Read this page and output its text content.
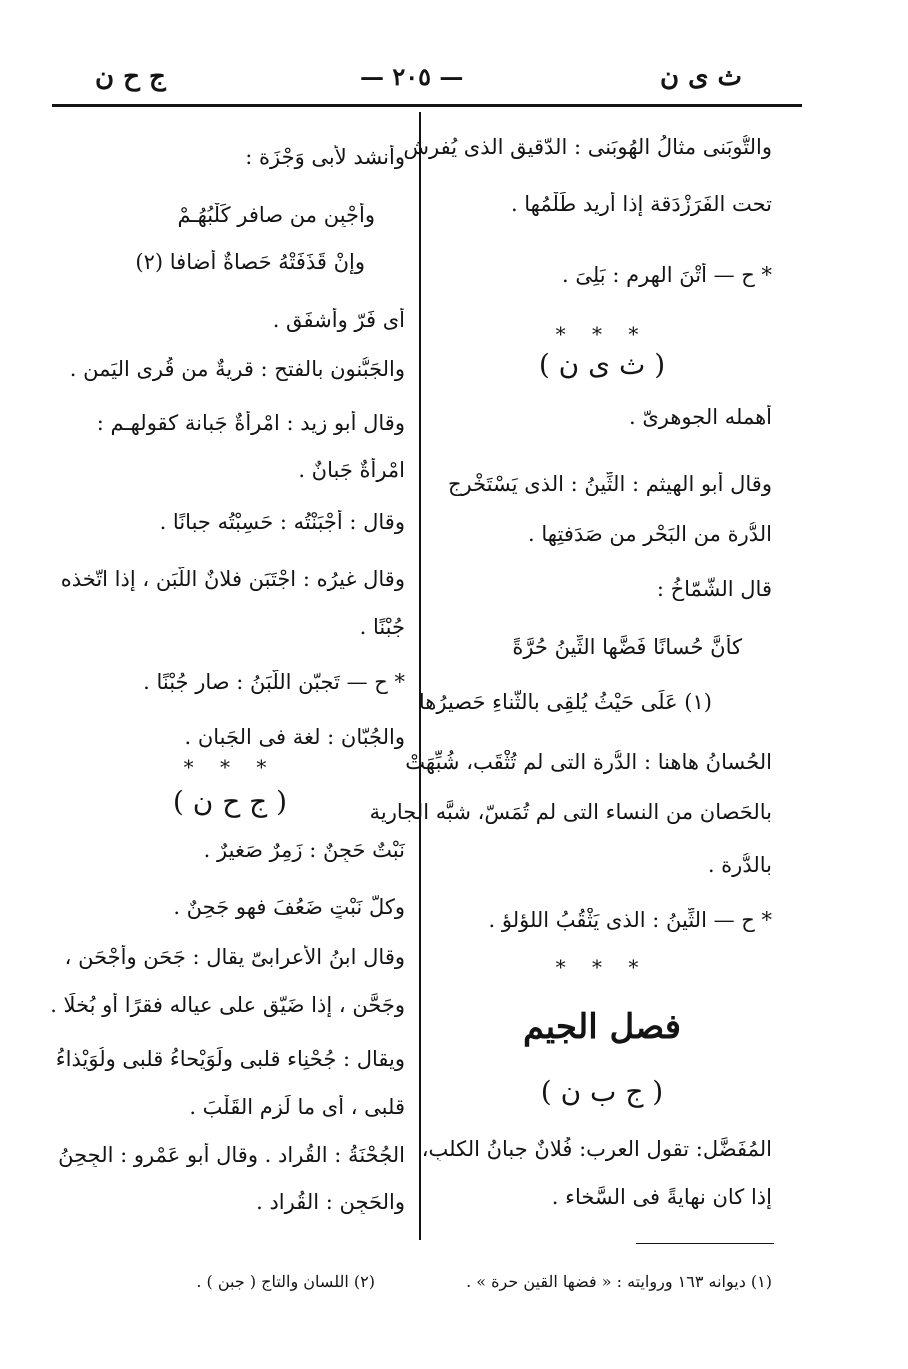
ج ح ن	— ٢٠٥ —	ث ى ن
والتُّوبَنى مثالُ الهُوبَنى : الدّقيق الذى يُفرش
تحت الفَرَزْدَقة إذا أُريد طَلْمُها .
* ح — أَتْنَ الهرم : بَلِىَ .
* * *
( ث ى ن )
أهمله الجوهرىّ .
وقال أبو الهيثم : الثِّينُ : الذى يَسْتَخْرِج
الدُّرة من البَحْر من صَدَفتِها .
قال الشَّمّاخُ :
كأنَّ حُسانًا فَضَّها الثِّينُ حُرَّةً
(١) عَلَى حَيْثُ يُلقِى بالثَّناءِ حَصيرُها
الحُسانُ هاهنا : الدُّرة التى لم تُثْقَب، شُبِّهَتْ
بالحَصان من النساء التى لم تُمَسّ، شبَّه الجارية
بالدُّرة .
* ح — الثِّينُ : الذى يَثْقُبُ اللؤلؤ .
* * *
فصل الجيم
( ج ب ن )
المُفَضَّل: تقول العرب: فُلانٌ جبانُ الكلبِ،
إذا كان نهايةً فى السَّخاء .
وأنشد لأبى وَجْزَة :
وأَجْبِن من صافرٍ كَلْبُهُـمْ
وإنْ قَذَفَتْهُ حَصاةٌ أضافا (٢)
أى فَرّ وأشفَق .
والجَبُّنون بالفتح : قريةٌ من قُرى اليَمن .
وقال أبو زيد : امْرأةٌ جَبانة كقولهـم :
امْرأةٌ جَبانٌ .
وقال : أَجْبَنْتُه : حَسِبْتُه جبانًا .
وقال غيرُه : اجْتَبَن فلانٌ اللَّبَن ، إذا اتّخذه
جُبْنًا .
* ح — تَجبّن اللَّبَنُ : صار جُبْنًا .
والجُبّان : لغة فى الجَبان .
* * *
( ج ح ن )
نَبْتٌ حَجِنٌ : زَمِرٌ صَغيرٌ .
وكلُّ نَبْتٍ ضَعُفَ فهو جَحِنٌ .
وقال ابنُ الأعرابىّ يقال : جَحَن وأَجْحَن ،
وجَحَّن ، إذا ضَيّق على عياله فقرًا أو بُخلًا .
ويقال : جُحْنِاء قلبى ولَوَيْحاءُ قلبى ولُوَيْذاءُ
قلبى ، أى ما لَزِم القَلْبَ .
الجُحْنَةُ : القُراد . وقال أبو عَمْرٍو : الجِحِنُ
والحَجِن : القُراد .
(١) ديوانه ١٦٣ وروايته : « فضها القين حرة » .
(٢) اللسان والتاج ( جبن ) .
